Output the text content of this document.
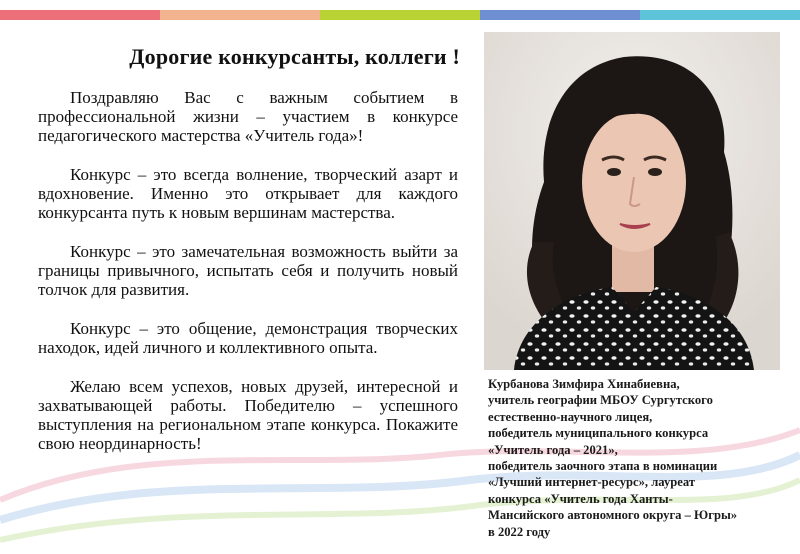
Дорогие конкурсанты, коллеги !

Поздравляю Вас с важным событием в профессиональной жизни – участием в конкурсе педагогического мастерства «Учитель года»!

Конкурс – это всегда волнение, творческий азарт и вдохновение. Именно это открывает для каждого конкурсанта путь к новым вершинам мастерства.

Конкурс – это замечательная возможность выйти за границы привычного, испытать себя и получить новый толчок для развития.

Конкурс – это общение, демонстрация творческих находок, идей личного и коллективного опыта.

Желаю всем успехов, новых друзей, интересной и захватывающей работы. Победителю – успешного выступления на региональном этапе конкурса. Покажите свою неординарность!

Курбанова Зимфира Хинабиевна,
учитель географии МБОУ Сургутского
естественно-научного лицея,
победитель муниципального конкурса
«Учитель года – 2021»,
победитель заочного этапа в номинации
«Лучший интернет-ресурс», лауреат
конкурса «Учитель года Ханты-
Мансийского автономного округа – Югры»
в 2022 году
